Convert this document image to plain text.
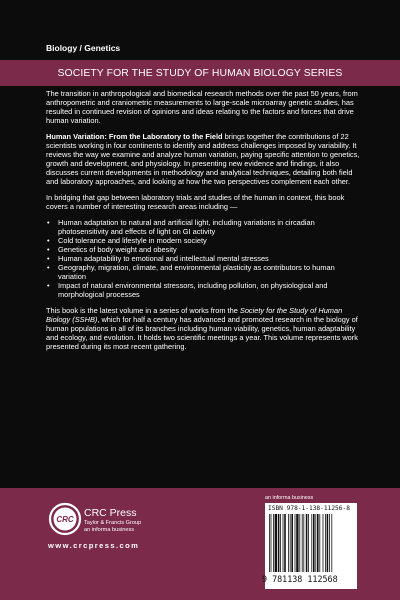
Biology / Genetics
SOCIETY FOR THE STUDY OF HUMAN BIOLOGY SERIES

The transition in anthropological and biomedical research methods over the past 50 years, from anthropometric and craniometric measurements to large-scale microarray genetic studies, has resulted in continued revision of opinions and ideas relating to the factors and forces that drive human variation.

Human Variation: From the Laboratory to the Field brings together the contributions of 22 scientists working in four continents to identify and address challenges imposed by variability. It reviews the way we examine and analyze human variation, paying specific attention to genetics, growth and development, and physiology. In presenting new evidence and findings, it also discusses current developments in methodology and analytical techniques, detailing both field and laboratory approaches, and looking at how the two perspectives complement each other.

In bridging that gap between laboratory trials and studies of the human in context, this book covers a number of interesting research areas including —

• Human adaptation to natural and artificial light, including variations in circadian photosensitivity and effects of light on GI activity
• Cold tolerance and lifestyle in modern society
• Genetics of body weight and obesity
• Human adaptability to emotional and intellectual mental stresses
• Geography, migration, climate, and environmental plasticity as contributors to human variation
• Impact of natural environmental stressors, including pollution, on physiological and morphological processes

This book is the latest volume in a series of works from the Society for the Study of Human Biology (SSHB), which for half a century has advanced and promoted research in the biology of human populations in all of its branches including human viability, genetics, human adaptability and ecology, and evolution. It holds two scientific meetings a year. This volume represents work presented during its most recent gathering.

CRC
CRC Press
Taylor & Francis Group
an informa business
www.crcpress.com
an informa business
ISBN 978-1-138-11256-8
9 781138 112568
